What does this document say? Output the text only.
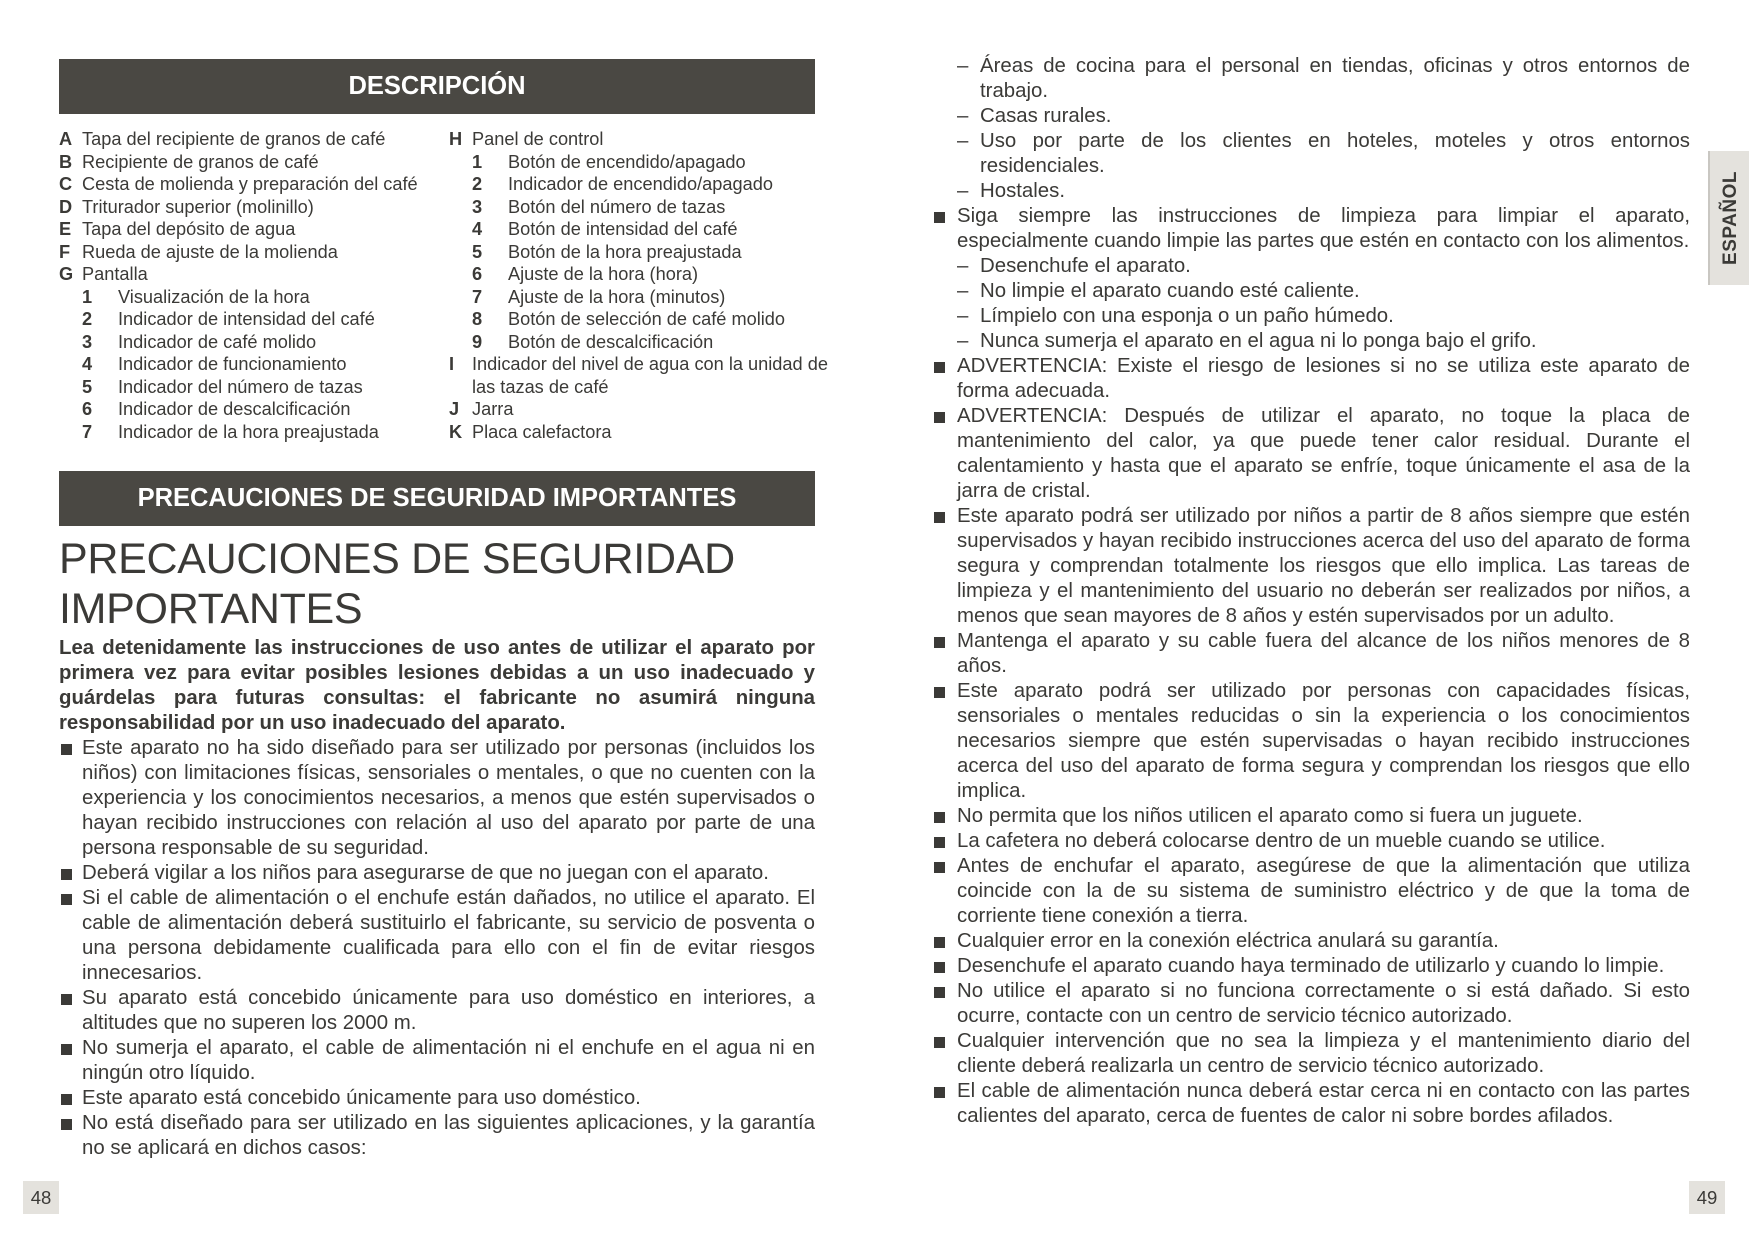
DESCRIPCIÓN
A Tapa del recipiente de granos de café
B Recipiente de granos de café
C Cesta de molienda y preparación del café
D Triturador superior (molinillo)
E Tapa del depósito de agua
F Rueda de ajuste de la molienda
G Pantalla
1	Visualización de la hora
2	Indicador de intensidad del café
3	Indicador de café molido
4	Indicador de funcionamiento
5	Indicador del número de tazas
6	Indicador de descalcificación
7	Indicador de la hora preajustada
H Panel de control
1	Botón de encendido/apagado
2	Indicador de encendido/apagado
3	Botón del número de tazas
4	Botón de intensidad del café
5	Botón de la hora preajustada
6	Ajuste de la hora (hora)
7	Ajuste de la hora (minutos)
8	Botón de selección de café molido
9	Botón de descalcificación
I Indicador del nivel de agua con la unidad de las tazas de café
J Jarra
K Placa calefactora
PRECAUCIONES DE SEGURIDAD IMPORTANTES
PRECAUCIONES DE SEGURIDAD IMPORTANTES

Lea detenidamente las instrucciones de uso antes de utilizar el aparato por primera vez para evitar posibles lesiones debidas a un uso inadecuado y guárdelas para futuras consultas: el fabricante no asumirá ninguna responsabilidad por un uso inadecuado del aparato.

Este aparato no ha sido diseñado para ser utilizado por personas (incluidos los niños) con limitaciones físicas, sensoriales o mentales, o que no cuenten con la experiencia y los conocimientos necesarios, a menos que estén supervisados o hayan recibido instrucciones con relación al uso del aparato por parte de una persona responsable de su seguridad.
Deberá vigilar a los niños para asegurarse de que no juegan con el aparato.
Si el cable de alimentación o el enchufe están dañados, no utilice el aparato. El cable de alimentación deberá sustituirlo el fabricante, su servicio de posventa o una persona debidamente cualificada para ello con el fin de evitar riesgos innecesarios.
Su aparato está concebido únicamente para uso doméstico en interiores, a altitudes que no superen los 2000 m.
No sumerja el aparato, el cable de alimentación ni el enchufe en el agua ni en ningún otro líquido.
Este aparato está concebido únicamente para uso doméstico.
No está diseñado para ser utilizado en las siguientes aplicaciones, y la garantía no se aplicará en dichos casos:
– Áreas de cocina para el personal en tiendas, oficinas y otros entornos de trabajo.
– Casas rurales.
– Uso por parte de los clientes en hoteles, moteles y otros entornos residenciales.
– Hostales.
Siga siempre las instrucciones de limpieza para limpiar el aparato, especialmente cuando limpie las partes que estén en contacto con los alimentos.
– Desenchufe el aparato.
– No limpie el aparato cuando esté caliente.
– Límpielo con una esponja o un paño húmedo.
– Nunca sumerja el aparato en el agua ni lo ponga bajo el grifo.
ADVERTENCIA: Existe el riesgo de lesiones si no se utiliza este aparato de forma adecuada.
ADVERTENCIA: Después de utilizar el aparato, no toque la placa de mantenimiento del calor, ya que puede tener calor residual. Durante el calentamiento y hasta que el aparato se enfríe, toque únicamente el asa de la jarra de cristal.
Este aparato podrá ser utilizado por niños a partir de 8 años siempre que estén supervisados y hayan recibido instrucciones acerca del uso del aparato de forma segura y comprendan totalmente los riesgos que ello implica. Las tareas de limpieza y el mantenimiento del usuario no deberán ser realizados por niños, a menos que sean mayores de 8 años y estén supervisados por un adulto.
Mantenga el aparato y su cable fuera del alcance de los niños menores de 8 años.
Este aparato podrá ser utilizado por personas con capacidades físicas, sensoriales o mentales reducidas o sin la experiencia o los conocimientos necesarios siempre que estén supervisadas o hayan recibido instrucciones acerca del uso del aparato de forma segura y comprendan los riesgos que ello implica.
No permita que los niños utilicen el aparato como si fuera un juguete.
La cafetera no deberá colocarse dentro de un mueble cuando se utilice.
Antes de enchufar el aparato, asegúrese de que la alimentación que utiliza coincide con la de su sistema de suministro eléctrico y de que la toma de corriente tiene conexión a tierra.
Cualquier error en la conexión eléctrica anulará su garantía.
Desenchufe el aparato cuando haya terminado de utilizarlo y cuando lo limpie.
No utilice el aparato si no funciona correctamente o si está dañado. Si esto ocurre, contacte con un centro de servicio técnico autorizado.
Cualquier intervención que no sea la limpieza y el mantenimiento diario del cliente deberá realizarla un centro de servicio técnico autorizado.
El cable de alimentación nunca deberá estar cerca ni en contacto con las partes calientes del aparato, cerca de fuentes de calor ni sobre bordes afilados.
ESPAÑOL
48	49
